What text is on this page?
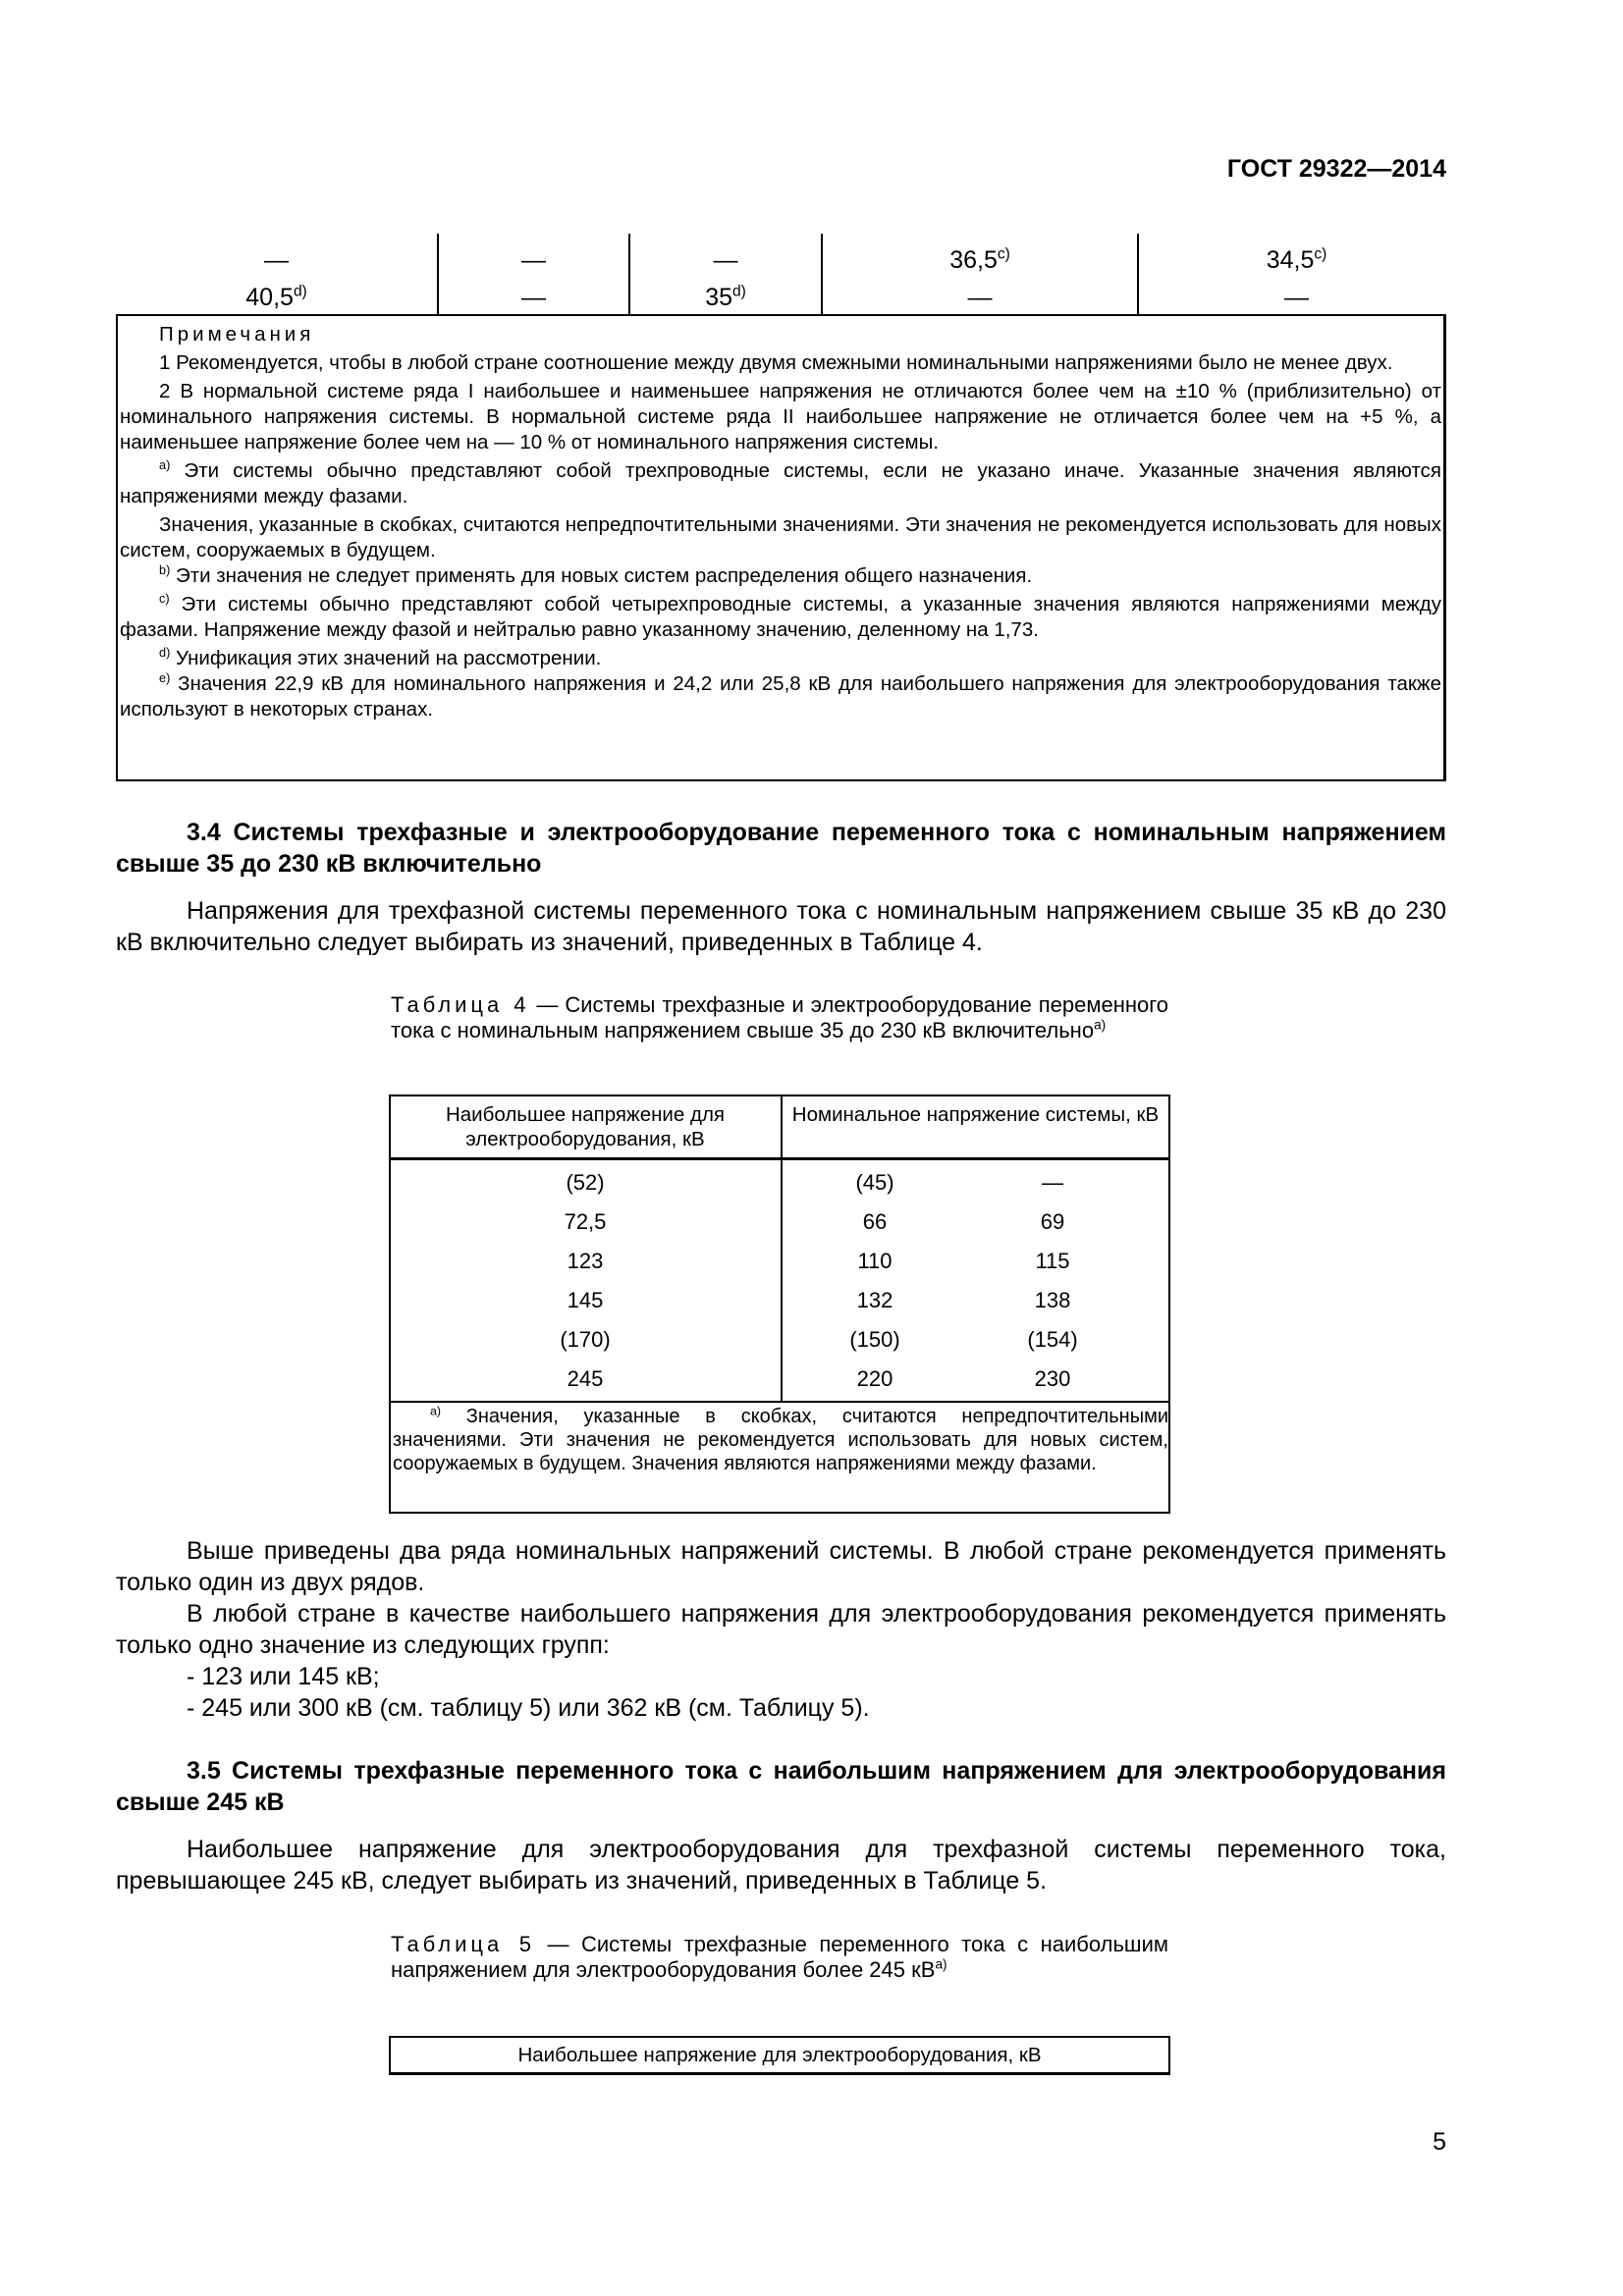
ГОСТ 29322—2014
—	—	—	36,5$^{c)}$	34,5$^{c)}$
40,5$^{d)}$	—	35$^{d)}$	—	—

Примечания

1 Рекомендуется, чтобы в любой стране соотношение между двумя смежными номинальными напряжениями было не менее двух.

2 В нормальной системе ряда I наибольшее и наименьшее напряжения не отличаются более чем на ±10 % (приблизительно) от номинального напряжения системы. В нормальной системе ряда II наибольшее напряжение не отличается более чем на +5 %, а наименьшее напряжение более чем на — 10 % от номинального напряжения системы.

$^{a)}$ Эти системы обычно представляют собой трехпроводные системы, если не указано иначе. Указанные значения являются напряжениями между фазами.

Значения, указанные в скобках, считаются непредпочтительными значениями. Эти значения не рекомендуется использовать для новых систем, сооружаемых в будущем.

$^{b)}$ Эти значения не следует применять для новых систем распределения общего назначения.

$^{c)}$ Эти системы обычно представляют собой четырехпроводные системы, а указанные значения являются напряжениями между фазами. Напряжение между фазой и нейтралью равно указанному значению, деленному на 1,73.

$^{d)}$ Унификация этих значений на рассмотрении.

$^{e)}$ Значения 22,9 кВ для номинального напряжения и 24,2 или 25,8 кВ для наибольшего напряжения для электрооборудования также используют в некоторых странах.

3.4 Системы трехфазные и электрооборудование переменного тока с номинальным напряжением свыше 35 до 230 кВ включительно

Напряжения для трехфазной системы переменного тока с номинальным напряжением свыше 35 кВ до 230 кВ включительно следует выбирать из значений, приведенных в Таблице 4.

Таблица 4 — Системы трехфазные и электрооборудование переменного тока с номинальным напряжением свыше 35 до 230 кВ включительно$^{a)}$
Наибольшее напряжение для электрооборудования, кВ
Номинальное напряжение системы, кВ
(52)	(45)	—
72,5	66	69
123	110	115
145	132	138
(170)	(150)	(154)
245	220	230

$^{a)}$ Значения, указанные в скобках, считаются непредпочтительными значениями. Эти значения не рекомендуется использовать для новых систем, сооружаемых в будущем. Значения являются напряжениями между фазами.

Выше приведены два ряда номинальных напряжений системы. В любой стране рекомендуется применять только один из двух рядов.

В любой стране в качестве наибольшего напряжения для электрооборудования рекомендуется применять только одно значение из следующих групп:

- 123 или 145 кВ;

- 245 или 300 кВ (см. таблицу 5) или 362 кВ (см. Таблицу 5).

3.5 Системы трехфазные переменного тока с наибольшим напряжением для электрооборудования свыше 245 кВ

Наибольшее напряжение для электрооборудования для трехфазной системы переменного тока, превышающее 245 кВ, следует выбирать из значений, приведенных в Таблице 5.

Таблица 5 — Системы трехфазные переменного тока с наибольшим напряжением для электрооборудования более 245 $кВ^{a)}$
Наибольшее напряжение для электрооборудования, кВ
5
